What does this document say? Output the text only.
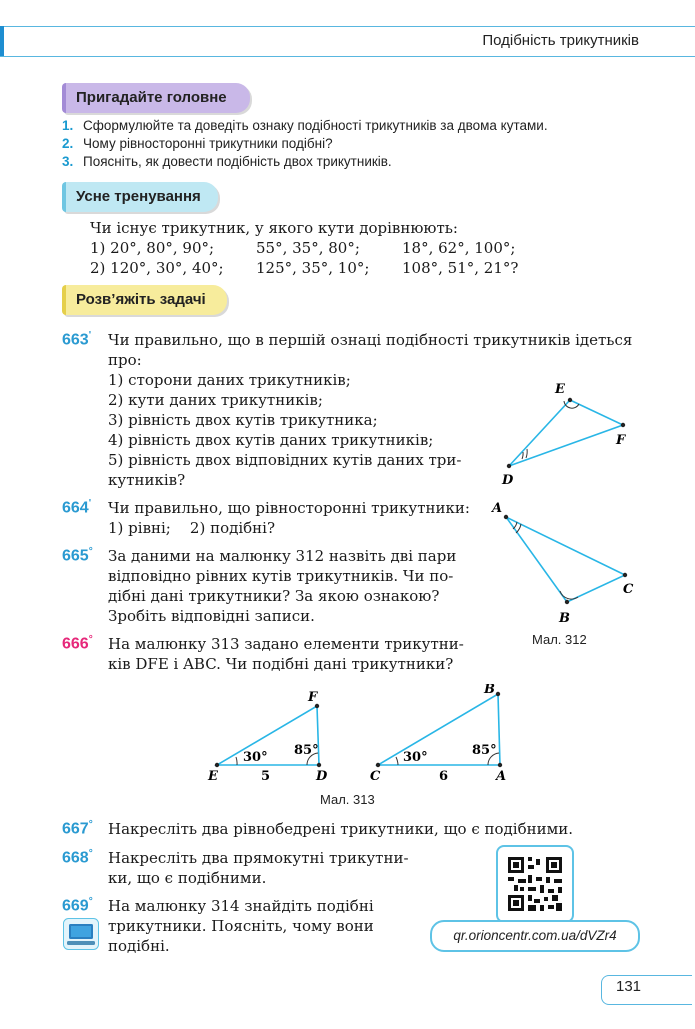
Подібність трикутників
Пригадайте головне
1. Сформулюйте та доведіть ознаку подібності трикутників за двома кутами.
2. Чому рівносторонні трикутники подібні?
3. Поясніть, як довести подібність двох трикутників.
Усне тренування
Чи існує трикутник, у якого кути дорівнюють:
1) 20°, 80°, 90°;	55°, 35°, 80°;	18°, 62°, 100°;
2) 120°, 30°, 40°; 125°, 35°, 10°; 108°, 51°, 21°?
Розв’яжіть задачі
663' Чи правильно, що в першій ознаці подібності трикутників ідеться
про:
1) сторони даних трикутників;
2) кути даних трикутників;
3) рівність двох кутів трикутника;
4) рівність двох кутів даних трикутників;
5) рівність двох відповідних кутів даних три-
кутників?
664' Чи правильно, що рівносторонні трикутники:
1) рівні;    2) подібні?
665° За даними на малюнку 312 назвіть дві пари
відповідно рівних кутів трикутників. Чи по-
дібні дані трикутники? За якою ознакою?
Зробіть відповідні записи.
666° На малюнку 313 задано елементи трикутни-
ків DFE і ABC. Чи подібні дані трикутники?
E
F
D
A
C
B
Мал. 312
F
E	D
30° 85°
5
B
C	A
30°	85°
6
Мал. 313
667° Накресліть два рівнобедрені трикутники, що є подібними.
668° Накресліть два прямокутні трикутни-
ки, що є подібними.
669° На малюнку 314 знайдіть подібні
трикутники. Поясніть, чому вони
подібні.
qr.orioncentr.com.ua/dVZr4
131
